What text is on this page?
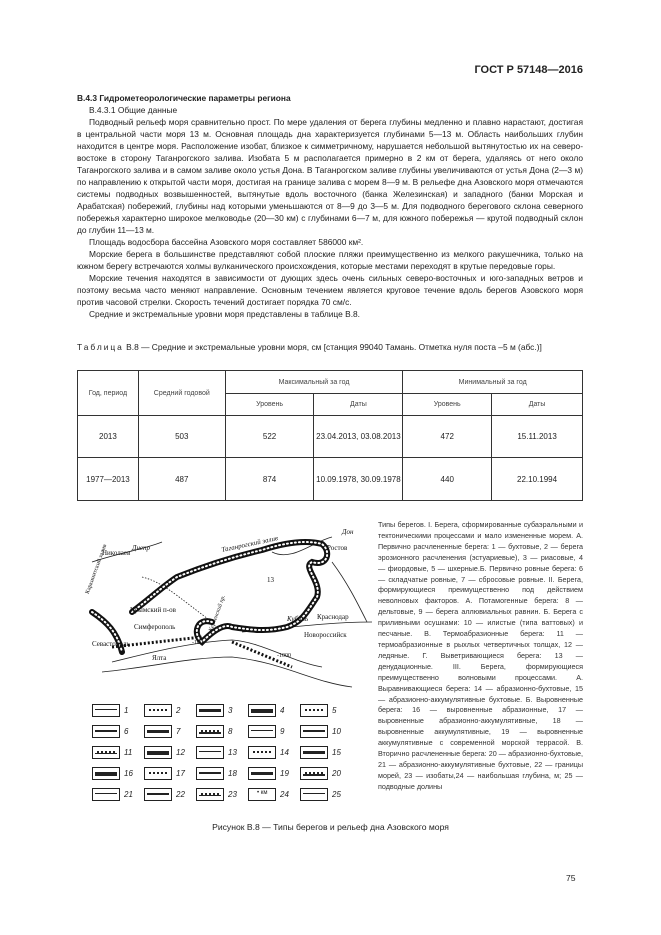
ГОСТ Р 57148—2016

В.4.3 Гидрометеорологические параметры региона

В.4.3.1 Общие данные

Подводный рельеф моря сравнительно прост. По мере удаления от берега глубины медленно и плавно нарастают, достигая в центральной части моря 13 м. Основная площадь дна характеризуется глубинами 5—13 м. Область наибольших глубин находится в центре моря. Расположение изобат, близкое к симметричному, нарушается небольшой вытянутостью их на северо-востоке в сторону Таганрогского залива. Изобата 5 м располагается примерно в 2 км от берега, удаляясь от него около Таганрогского залива и в самом заливе около устья Дона. В Таганрогском заливе глубины увеличиваются от устья Дона (2—3 м) по направлению к открытой части моря, достигая на границе залива с морем 8—9 м. В рельефе дна Азовского моря отмечаются системы подводных возвышенностей, вытянутые вдоль восточного (банка Железинская) и западного (банки Морская и Арабатская) побережий, глубины над которыми уменьшаются от 8—9 до 3—5 м. Для подводного берегового склона северного побережья характерно широкое мелководье (20—30 км) с глубинами 6—7 м, для южного побережья — крутой подводный склон до глубин 11—13 м.

Площадь водосбора бассейна Азовского моря составляет 586000 км².

Морские берега в большинстве представляют собой плоские пляжи преимущественно из мелкого ракушечника, только на южном берегу встречаются холмы вулканического происхождения, которые местами переходят в крутые передовые горы.

Морские течения находятся в зависимости от дующих здесь очень сильных северо-восточных и юго-западных ветров и поэтому весьма часто меняют направление. Основным течением является круговое течение вдоль берегов Азовского моря против часовой стрелки. Скорость течений достигает порядка 70 см/с.

Средние и экстремальные уровни моря представлены в таблице В.8.

Таблица В.8 — Средние и экстремальные уровни моря, см [станция 99040 Тамань. Отметка нуля поста –5 м (абс.)]
Год, период	Средний годовой	Максимальный за год		Минимальный за год	
		Уровень	Даты	Уровень	Даты
2013	503	522	23.04.2013, 03.08.2013	472	15.11.2013
1977—2013	487	874	10.09.1978, 30.09.1978	440	22.10.1994
Николаев
Днепр
Каркинитский залив
Крымский п-ов
Симферополь
Севастополь
Ялта
Таганрогский залив	Ростов
Дон
13
Керченский пр.	Кубань Краснодар
Новороссийск
-100
-1000
1	2	3	4	5
6	7	8	9	10
11	12	13	14	15
16	17	18	19	20
21	22	23	• км 24	25
Типы берегов. I. Берега, сформированные субаэральными и тектоническими процессами и мало измененные морем. А. Первично расчлененные берега: 1 — бухтовые, 2 — берега эрозионного расчленения (эстуариевые), 3 — риасовые, 4 — фиордовые, 5 — шхерные.Б. Первично ровные берега: 6 — складчатые ровные, 7 — сбросовые ровные. II. Берега, формирующиеся преимущественно под действием неволновых факторов. А. Потамогенные берега: 8 — дельтовые, 9 — берега аллювиальных равнин. Б. Берега с приливными осушками: 10 — илистые (типа ваттовых) и песчаные. В. Термоабразионные берега: 11 — термоабразионные в рыхлых четвертичных толщах, 12 — ледяные. Г. Выветривающиеся берега: 13 — денудационные. III. Берега, формирующиеся преимущественно волновыми процессами. А. Выравнивающиеся берега: 14 — абразионно-бухтовые, 15 — абразионно-аккумулятивные бухтовые. Б. Выровненные берега: 16 — выровненные абразионные, 17 — выровненные абразионно-аккумулятивные, 18 — выровненные аккумулятивные, 19 — выровненные аккумулятивные с современной морской террасой. В. Вторично расчлененные берега: 20 — абразионно-бухтовые, 21 — абразионно-аккумулятивные бухтовые, 22 — границы морей, 23 — изобаты,24 — наибольшая глубина, м; 25 — подводные долины
Рисунок В.8 — Типы берегов и рельеф дна Азовского моря
75
